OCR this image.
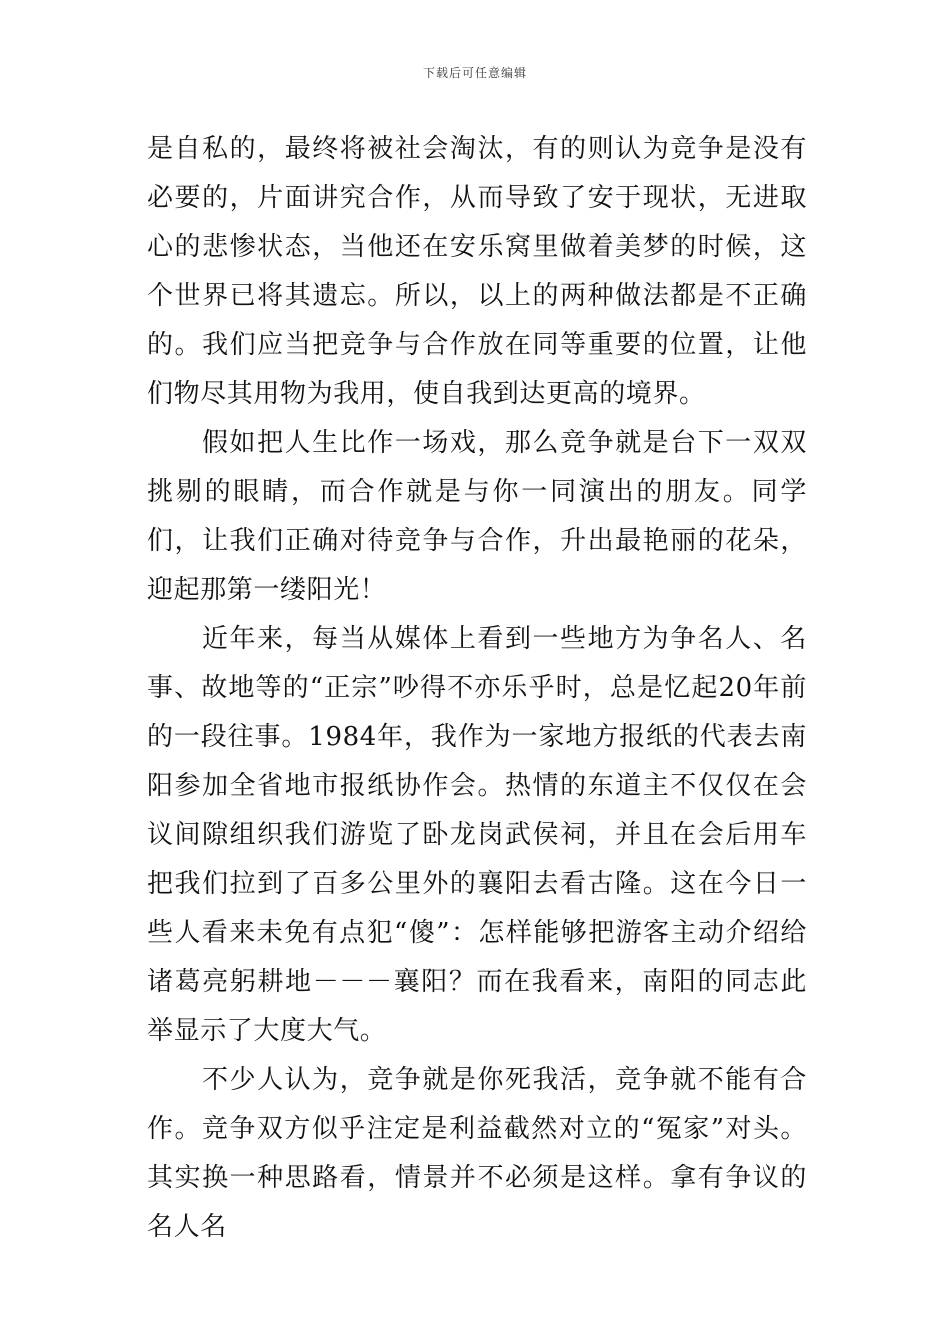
下载后可任意编辑

是自私的，最终将被社会淘汰，有的则认为竞争是没有必要的，片面讲究合作，从而导致了安于现状，无进取心的悲惨状态，当他还在安乐窝里做着美梦的时候，这个世界已将其遗忘。所以，以上的两种做法都是不正确的。我们应当把竞争与合作放在同等重要的位置，让他们物尽其用物为我用，使自我到达更高的境界。

假如把人生比作一场戏，那么竞争就是台下一双双挑剔的眼睛，而合作就是与你一同演出的朋友。同学们，让我们正确对待竞争与合作，升出最艳丽的花朵，迎起那第一缕阳光！

近年来，每当从媒体上看到一些地方为争名人、名事、故地等的“正宗”吵得不亦乐乎时，总是忆起20年前的一段往事。1984年，我作为一家地方报纸的代表去南阳参加全省地市报纸协作会。热情的东道主不仅仅在会议间隙组织我们游览了卧龙岗武侯祠，并且在会后用车把我们拉到了百多公里外的襄阳去看古隆。这在今日一些人看来未免有点犯“傻”：怎样能够把游客主动介绍给诸葛亮躬耕地－－－襄阳？而在我看来，南阳的同志此举显示了大度大气。

不少人认为，竞争就是你死我活，竞争就不能有合作。竞争双方似乎注定是利益截然对立的“冤家”对头。其实换一种思路看，情景并不必须是这样。拿有争议的名人名
